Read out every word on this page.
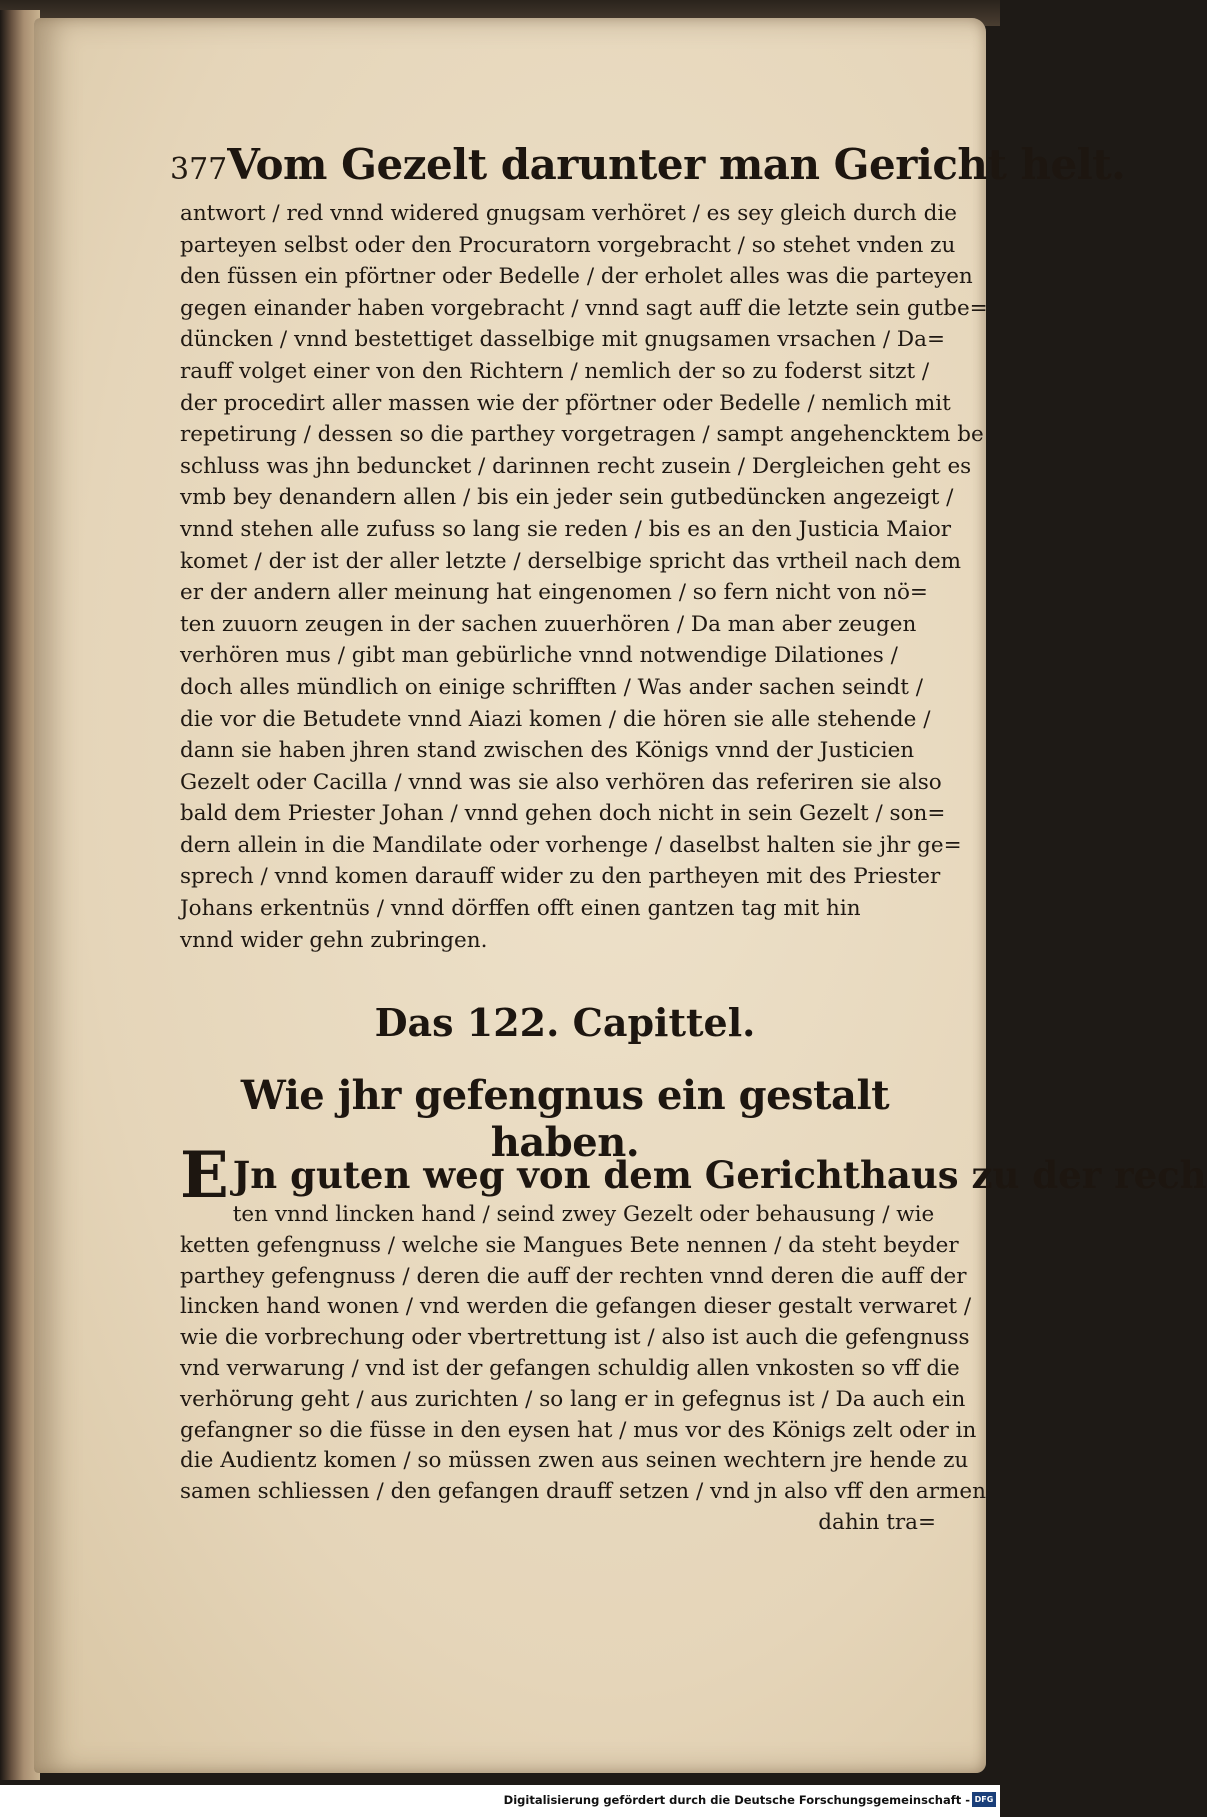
377 Vom Gezelt darunter man Gericht helt.
antwort / red vnnd widered gnugsam verhöret / es sey gleich durch die
parteyen selbst oder den Procuratorn vorgebracht / so stehet vnden zu
den füssen ein pförtner oder Bedelle / der erholet alles was die parteyen
gegen einander haben vorgebracht / vnnd sagt auff die letzte sein gutbe=
düncken / vnnd bestettiget dasselbige mit gnugsamen vrsachen / Da=
rauff volget einer von den Richtern / nemlich der so zu foderst sitzt /
der procedirt aller massen wie der pförtner oder Bedelle / nemlich mit
repetirung / dessen so die parthey vorgetragen / sampt angehencktem be
schluss was jhn beduncket / darinnen recht zusein / Dergleichen geht es
vmb bey denandern allen / bis ein jeder sein gutbedüncken angezeigt /
vnnd stehen alle zufuss so lang sie reden / bis es an den Justicia Maior
komet / der ist der aller letzte / derselbige spricht das vrtheil nach dem
er der andern aller meinung hat eingenomen / so fern nicht von nö=
ten zuuorn zeugen in der sachen zuuerhören / Da man aber zeugen
verhören mus / gibt man gebürliche vnnd notwendige Dilationes /
doch alles mündlich on einige schrifften / Was ander sachen seindt /
die vor die Betudete vnnd Aiazi komen / die hören sie alle stehende /
dann sie haben jhren stand zwischen des Königs vnnd der Justicien
Gezelt oder Cacilla / vnnd was sie also verhören das referiren sie also
bald dem Priester Johan / vnnd gehen doch nicht in sein Gezelt / son=
dern allein in die Mandilate oder vorhenge / daselbst halten sie jhr ge=
sprech / vnnd komen darauff wider zu den partheyen mit des Priester
Johans erkentnüs / vnnd dörffen offt einen gantzen tag mit hin
vnnd wider gehn zubringen.
Das 122. Capittel.
Wie jhr gefengnus ein gestalt haben.
E Jn guten weg von dem Gerichthaus zu der rech
ten vnnd lincken hand / seind zwey Gezelt oder behausung / wie
ketten gefengnuss / welche sie Mangues Bete nennen / da steht beyder
parthey gefengnuss / deren die auff der rechten vnnd deren die auff der
lincken hand wonen / vnd werden die gefangen dieser gestalt verwaret /
wie die vorbrechung oder vbertrettung ist / also ist auch die gefengnuss
vnd verwarung / vnd ist der gefangen schuldig allen vnkosten so vff die
verhörung geht / aus zurichten / so lang er in gefegnus ist / Da auch ein
gefangner so die füsse in den eysen hat / mus vor des Königs zelt oder in
die Audientz komen / so müssen zwen aus seinen wechtern jre hende zu
samen schliessen / den gefangen drauff setzen / vnd jn also vff den armen
dahin tra=
Digitalisierung gefördert durch die Deutsche Forschungsgemeinschaft - DFG
